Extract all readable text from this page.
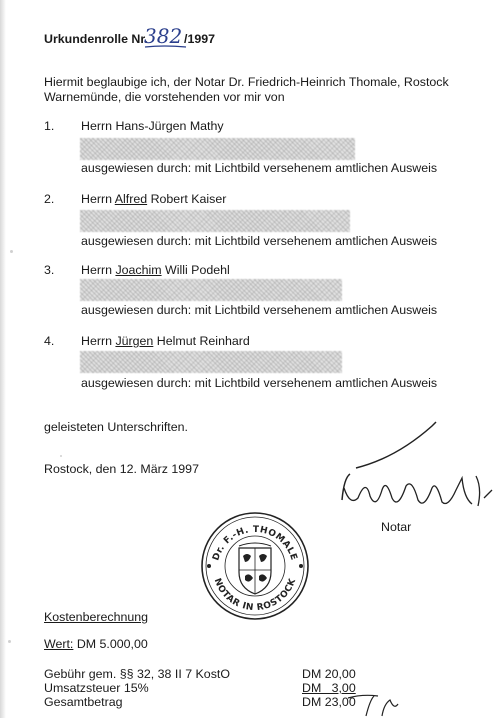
Urkundenrolle Nr.
382 /1997
Hiermit beglaubige ich, der Notar Dr. Friedrich-Heinrich Thomale, Rostock
Warnemünde, die vorstehenden vor mir von
1. Herrn Hans-Jürgen Mathy
ausgewiesen durch: mit Lichtbild versehenem amtlichen Ausweis
2. Herrn Alfred Robert Kaiser
ausgewiesen durch: mit Lichtbild versehenem amtlichen Ausweis
3. Herrn Joachim Willi Podehl
ausgewiesen durch: mit Lichtbild versehenem amtlichen Ausweis
4. Herrn Jürgen Helmut Reinhard
ausgewiesen durch: mit Lichtbild versehenem amtlichen Ausweis
geleisteten Unterschriften.
Rostock, den 12. März 1997
Notar
Dr. F.-H. THOMALE
NOTAR IN ROSTOCK
Kostenberechnung
Wert: DM 5.000,00
Gebühr gem. §§ 32, 38 II 7 KostO	DM 20,00
Umsatzsteuer 15%	DM   3,00
Gesamtbetrag	DM 23,00
